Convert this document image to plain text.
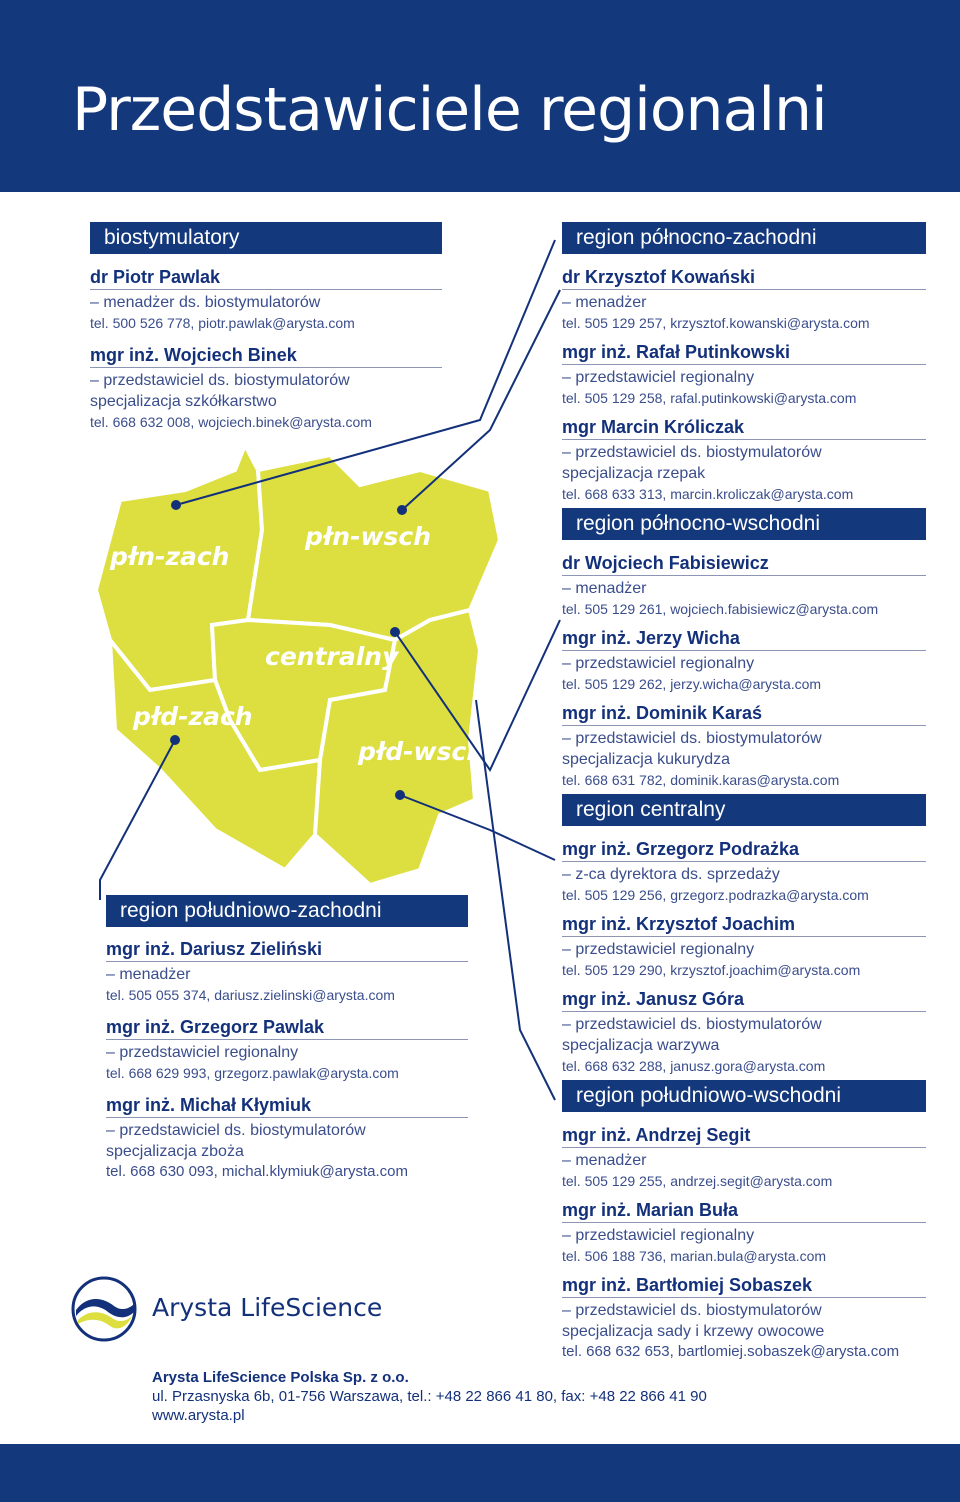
Przedstawiciele regionalni
płn-zach
płn-wsch
centralny
płd-zach
płd-wsch
biostymulatory
dr Piotr Pawlak
– menadżer ds. biostymulatorów
tel. 500 526 778, piotr.pawlak@arysta.com
mgr inż. Wojciech Binek
– przedstawiciel ds. biostymulatorów
specjalizacja szkółkarstwo
tel. 668 632 008, wojciech.binek@arysta.com
region południowo-zachodni
mgr inż. Dariusz Zieliński
– menadżer
tel. 505 055 374, dariusz.zielinski@arysta.com
mgr inż. Grzegorz Pawlak
– przedstawiciel regionalny
tel. 668 629 993, grzegorz.pawlak@arysta.com
mgr inż. Michał Kłymiuk
– przedstawiciel ds. biostymulatorów
specjalizacja zboża
tel. 668 630 093, michal.klymiuk@arysta.com
region północno-zachodni
dr Krzysztof Kowański
– menadżer
tel. 505 129 257, krzysztof.kowanski@arysta.com
mgr inż. Rafał Putinkowski
– przedstawiciel regionalny
tel. 505 129 258, rafal.putinkowski@arysta.com
mgr Marcin Króliczak
– przedstawiciel ds. biostymulatorów
specjalizacja rzepak
tel. 668 633 313, marcin.kroliczak@arysta.com
region północno-wschodni
dr Wojciech Fabisiewicz
– menadżer
tel. 505 129 261, wojciech.fabisiewicz@arysta.com
mgr inż. Jerzy Wicha
– przedstawiciel regionalny
tel. 505 129 262, jerzy.wicha@arysta.com
mgr inż. Dominik Karaś
– przedstawiciel ds. biostymulatorów
specjalizacja kukurydza
tel. 668 631 782, dominik.karas@arysta.com
region centralny
mgr inż. Grzegorz Podrażka
– z-ca dyrektora ds. sprzedaży
tel. 505 129 256, grzegorz.podrazka@arysta.com
mgr inż. Krzysztof Joachim
– przedstawiciel regionalny
tel. 505 129 290, krzysztof.joachim@arysta.com
mgr inż. Janusz Góra
– przedstawiciel ds. biostymulatorów
specjalizacja warzywa
tel. 668 632 288, janusz.gora@arysta.com
region południowo-wschodni
mgr inż. Andrzej Segit
– menadżer
tel. 505 129 255, andrzej.segit@arysta.com
mgr inż. Marian Buła
– przedstawiciel regionalny
tel. 506 188 736, marian.bula@arysta.com
mgr inż. Bartłomiej Sobaszek
– przedstawiciel ds. biostymulatorów
specjalizacja sady i krzewy owocowe
tel. 668 632 653, bartlomiej.sobaszek@arysta.com
Arysta LifeScience
Arysta LifeScience Polska Sp. z o.o.
ul. Przasnyska 6b, 01-756 Warszawa, tel.: +48 22 866 41 80, fax: +48 22 866 41 90
www.arysta.pl
